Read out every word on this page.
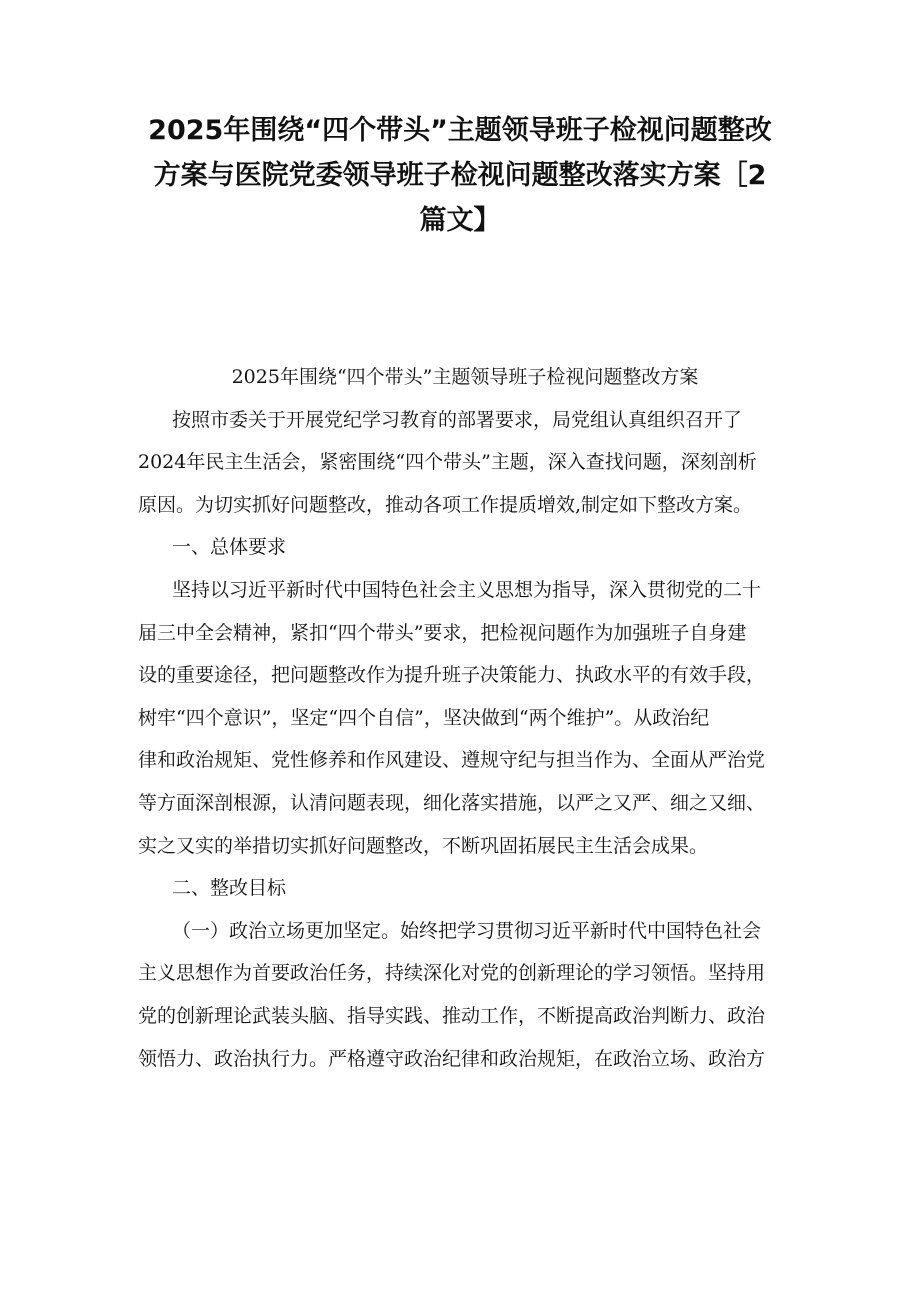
2025年围绕“四个带头”主题领导班子检视问题整改
方案与医院党委领导班子检视问题整改落实方案［2
篇文】

2025年围绕“四个带头”主题领导班子检视问题整改方案

按照市委关于开展党纪学习教育的部署要求，局党组认真组织召开了

2024年民主生活会，紧密围绕“四个带头”主题，深入查找问题，深刻剖析

原因。为切实抓好问题整改，推动各项工作提质增效,制定如下整改方案。

一、总体要求

坚持以习近平新时代中国特色社会主义思想为指导，深入贯彻党的二十

届三中全会精神，紧扣“四个带头”要求，把检视问题作为加强班子自身建

设的重要途径，把问题整改作为提升班子决策能力、执政水平的有效手段，

树牢“四个意识”，坚定“四个自信”，坚决做到“两个维护”。从政治纪

律和政治规矩、党性修养和作风建设、遵规守纪与担当作为、全面从严治党

等方面深剖根源，认清问题表现，细化落实措施，以严之又严、细之又细、

实之又实的举措切实抓好问题整改，不断巩固拓展民主生活会成果。

二、整改目标

（一）政治立场更加坚定。始终把学习贯彻习近平新时代中国特色社会

主义思想作为首要政治任务，持续深化对党的创新理论的学习领悟。坚持用

党的创新理论武装头脑、指导实践、推动工作，不断提高政治判断力、政治

领悟力、政治执行力。严格遵守政治纪律和政治规矩，在政治立场、政治方
